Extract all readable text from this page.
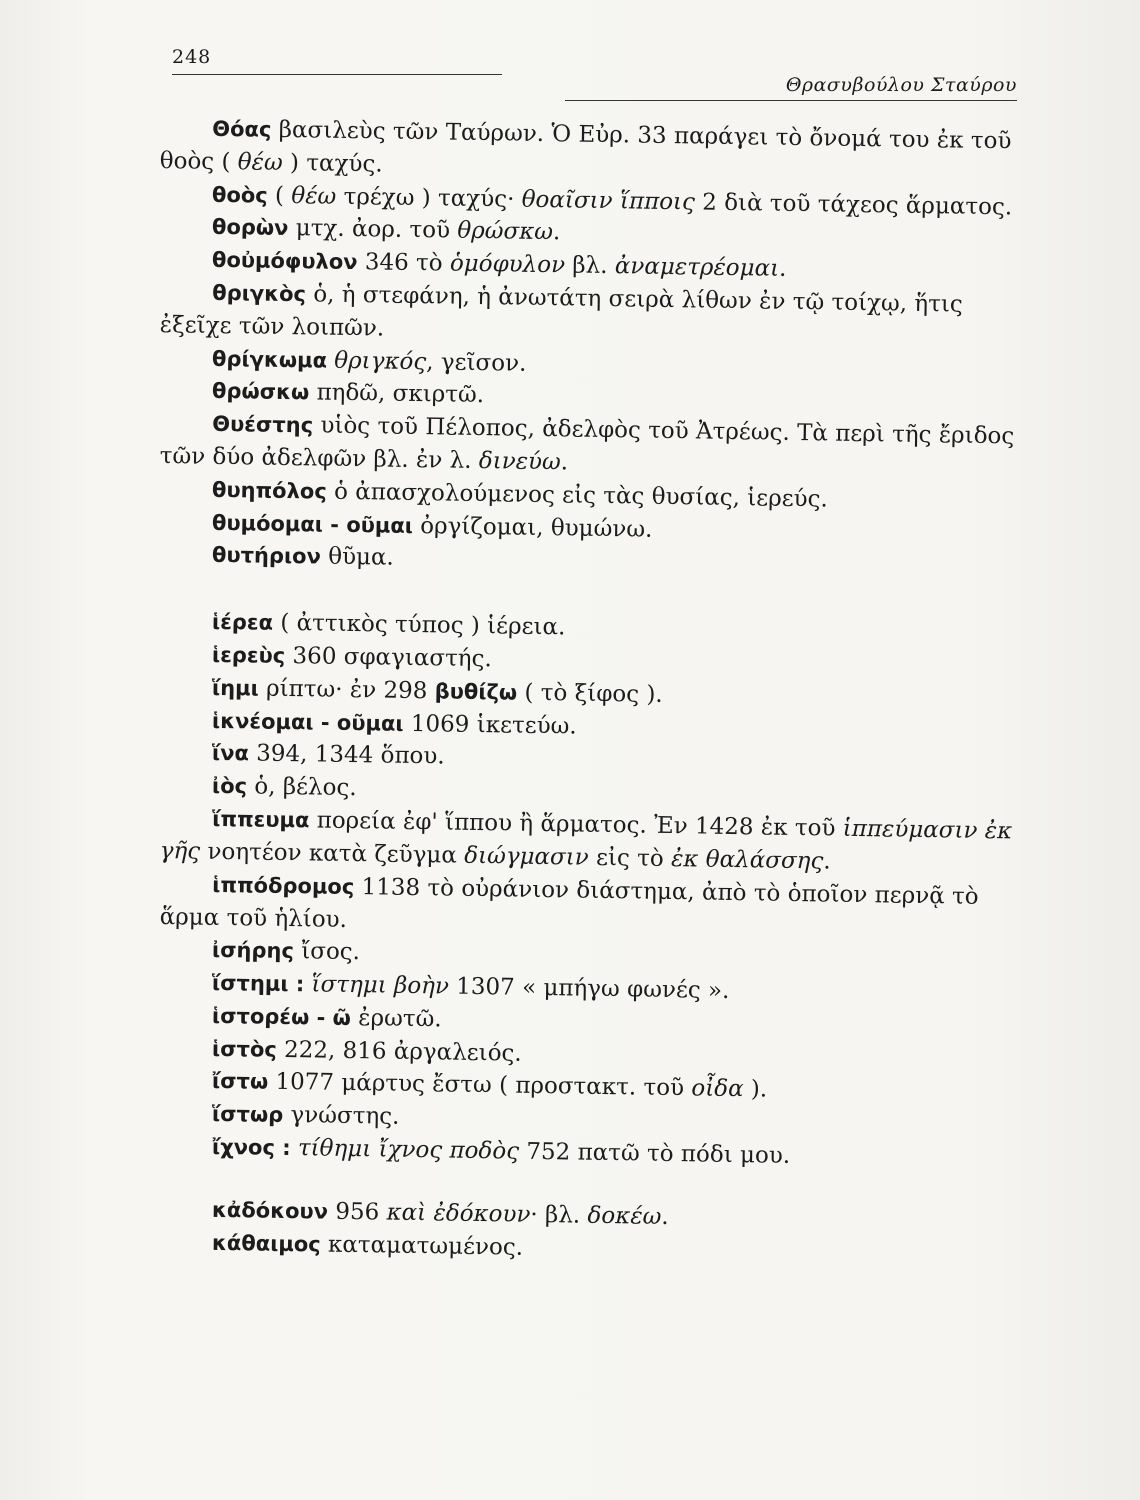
248
Θρασυβούλου Σταύρου

Θόας βασιλεὺς τῶν Ταύρων. Ὁ Εὐρ. 33 παράγει τὸ ὄνομά του ἐκ τοῦ θοὸς ( θέω ) ταχύς.

θοὸς ( θέω τρέχω ) ταχύς· θοαῖσιν ἵπποις 2 διὰ τοῦ τάχεος ἅρματος.

θορὼν μτχ. ἀορ. τοῦ θρώσκω.

θοὐμόφυλον 346 τὸ ὁμόφυλον βλ. ἀναμετρέομαι.

θριγκὸς ὁ, ἡ στεφάνη, ἡ ἀνωτάτη σειρὰ λίθων ἐν τῷ τοίχῳ, ἥτις ἐξεῖχε τῶν λοιπῶν.

θρίγκωμα θριγκός, γεῖσον.

θρώσκω πηδῶ, σκιρτῶ.

Θυέστης υἱὸς τοῦ Πέλοπος, ἀδελφὸς τοῦ Ἀτρέως. Τὰ περὶ τῆς ἔριδος τῶν δύο ἀδελφῶν βλ. ἐν λ. δινεύω.

θυηπόλος ὁ ἀπασχολούμενος εἰς τὰς θυσίας, ἱερεύς.

θυμόομαι - οῦμαι ὀργίζομαι, θυμώνω.

θυτήριον θῦμα.

ἱέρεα ( ἀττικὸς τύπος ) ἱέρεια.

ἱερεὺς 360 σφαγιαστής.

ἵημι ρίπτω· ἐν 298 βυθίζω ( τὸ ξίφος ).

ἱκνέομαι - οῦμαι 1069 ἱκετεύω.

ἵνα 394, 1344 ὅπου.

ἰὸς ὁ, βέλος.

ἵππευμα πορεία ἐφ' ἵππου ἢ ἅρματος. Ἐν 1428 ἐκ τοῦ ἱππεύμασιν ἐκ γῆς νοητέον κατὰ ζεῦγμα διώγμασιν εἰς τὸ ἐκ θαλάσσης.

ἱππόδρομος 1138 τὸ οὐράνιον διάστημα, ἀπὸ τὸ ὁποῖον περνᾷ τὸ ἅρμα τοῦ ἡλίου.

ἰσήρης ἴσος.

ἵστημι : ἵστημι βοὴν 1307 « μπήγω φωνές ».

ἱστορέω - ῶ ἐρωτῶ.

ἱστὸς 222, 816 ἀργαλειός.

ἴστω 1077 μάρτυς ἔστω ( προστακτ. τοῦ οἶδα ).

ἵστωρ γνώστης.

ἴχνος : τίθημι ἴχνος ποδὸς 752 πατῶ τὸ πόδι μου.

κἀδόκουν 956 καὶ ἐδόκουν· βλ. δοκέω.

κάθαιμος καταματωμένος.
